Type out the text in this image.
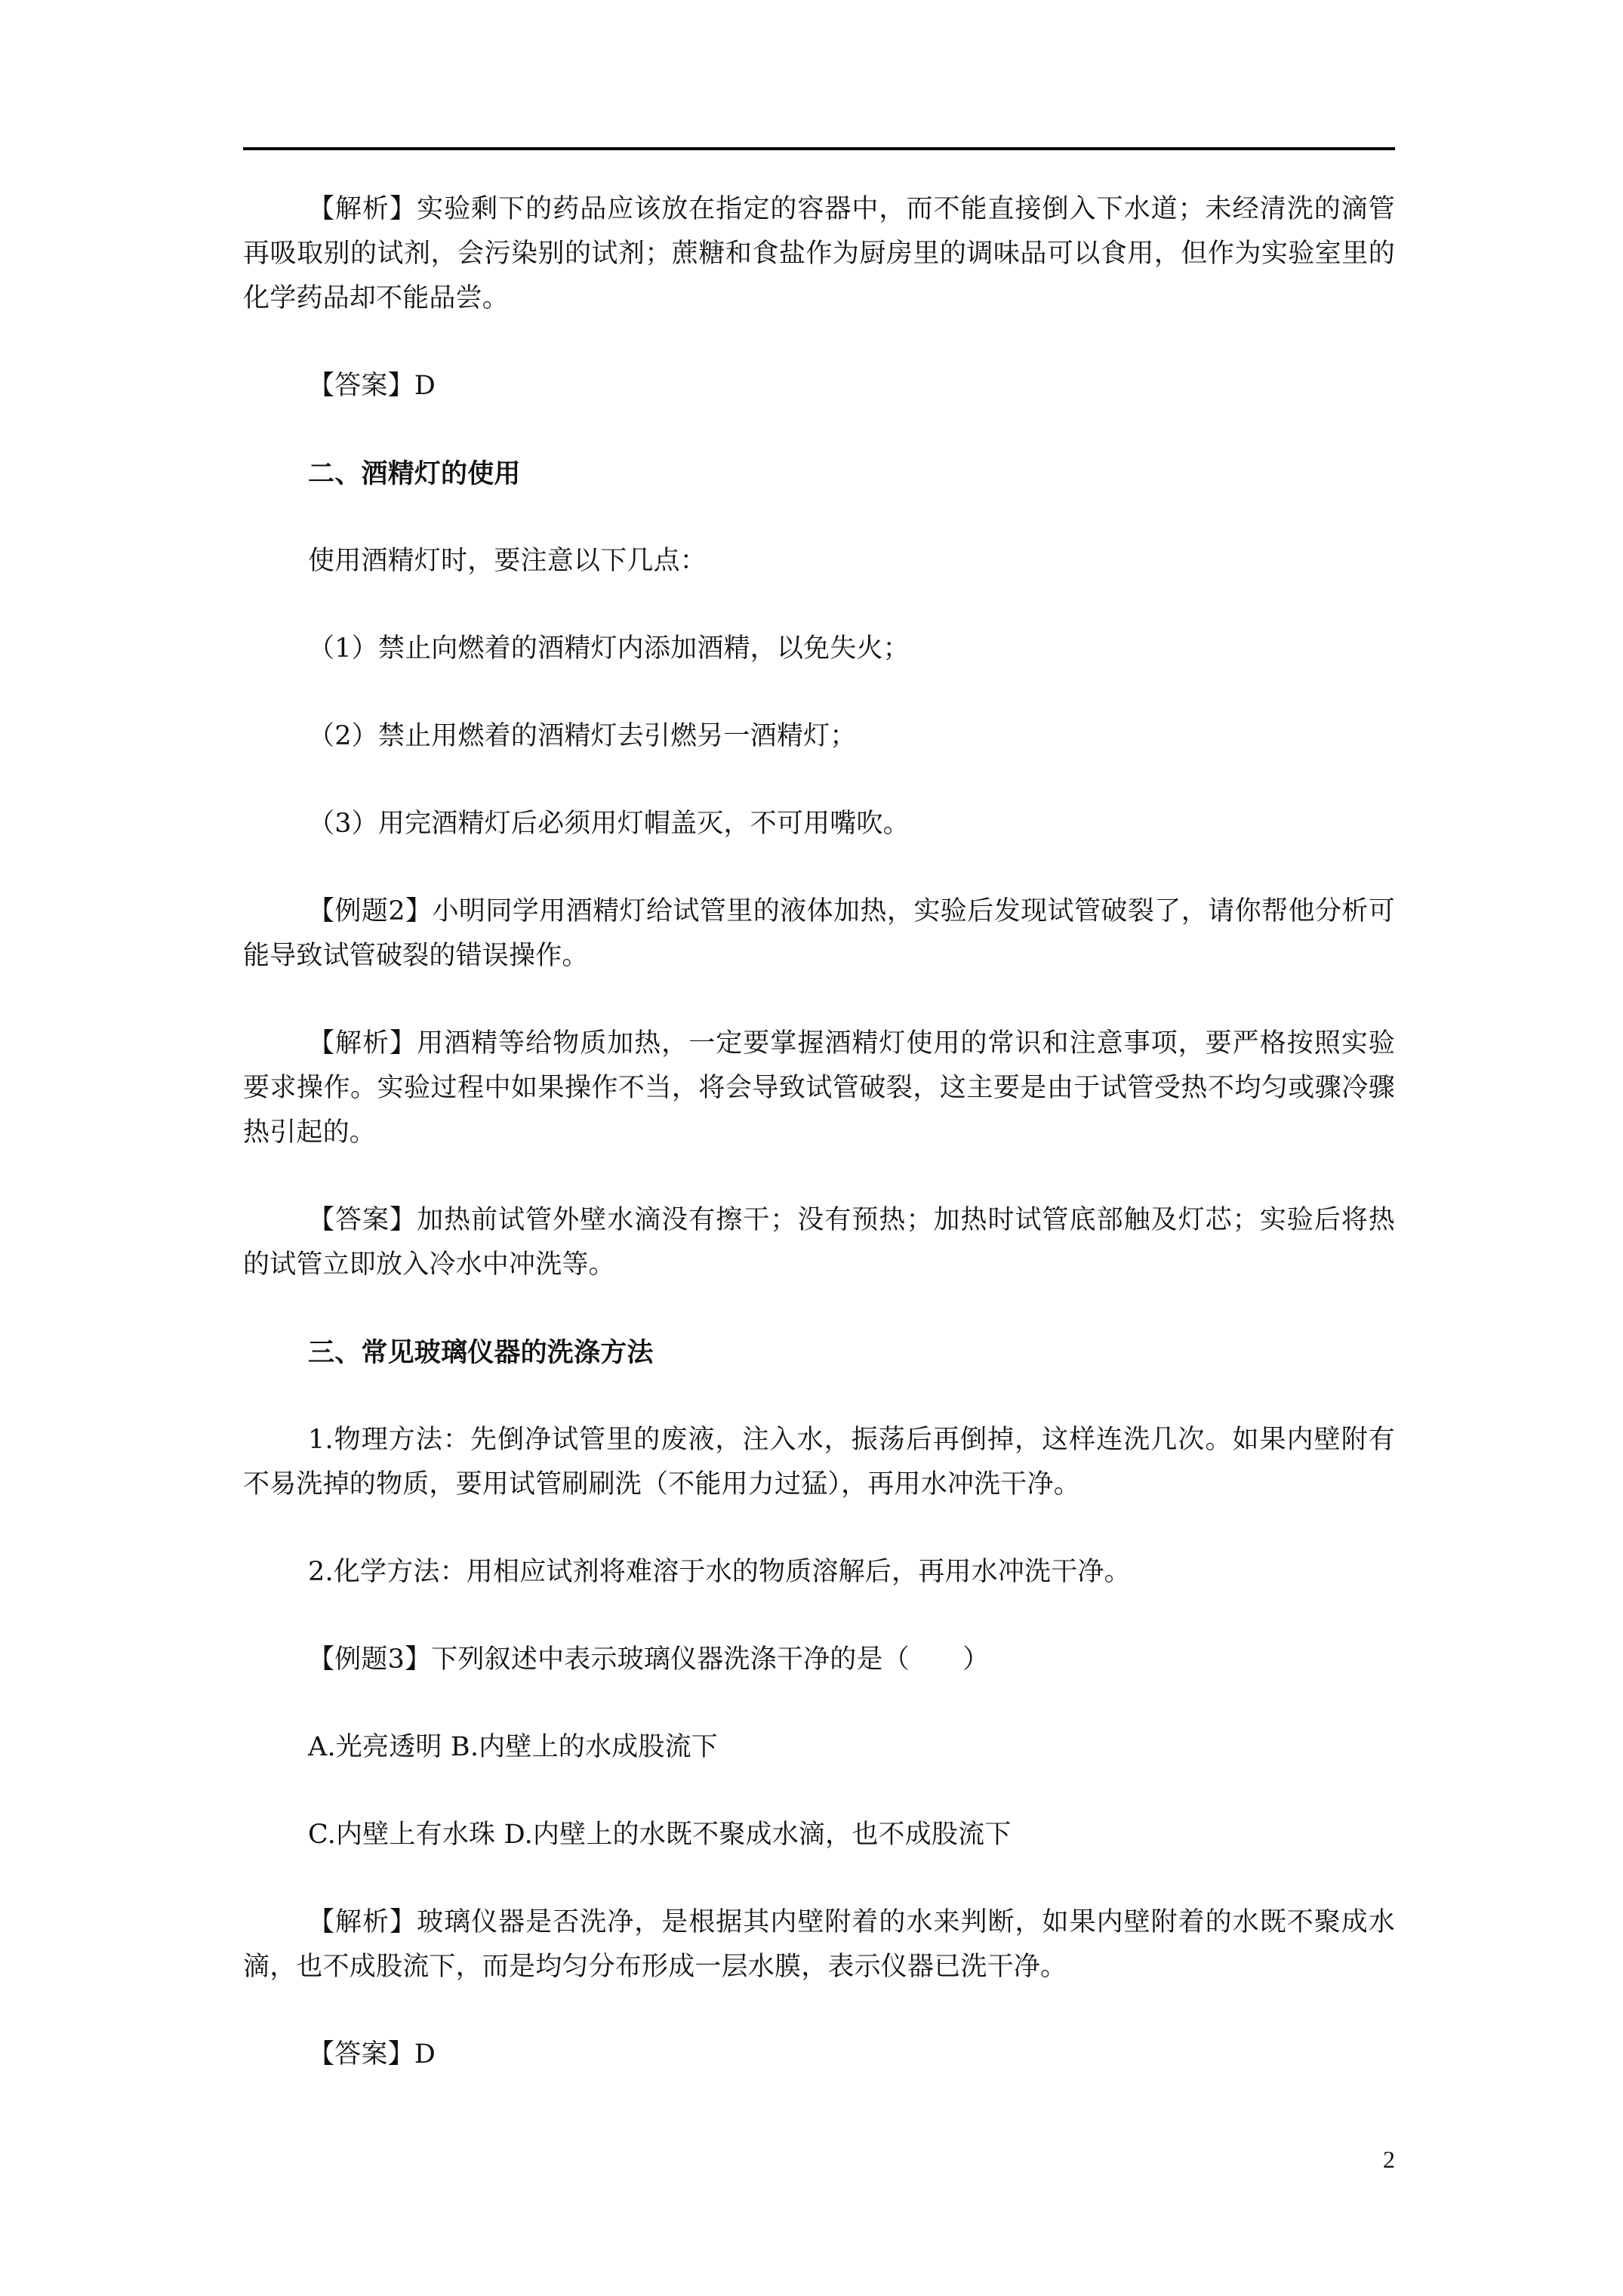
【解析】实验剩下的药品应该放在指定的容器中，而不能直接倒入下水道；未经清洗的滴管再吸取别的试剂，会污染别的试剂；蔗糖和食盐作为厨房里的调味品可以食用，但作为实验室里的化学药品却不能品尝。

【答案】D

二、酒精灯的使用

使用酒精灯时，要注意以下几点：

（1）禁止向燃着的酒精灯内添加酒精，以免失火；

（2）禁止用燃着的酒精灯去引燃另一酒精灯；

（3）用完酒精灯后必须用灯帽盖灭，不可用嘴吹。

【例题2】小明同学用酒精灯给试管里的液体加热，实验后发现试管破裂了，请你帮他分析可能导致试管破裂的错误操作。

【解析】用酒精等给物质加热，一定要掌握酒精灯使用的常识和注意事项，要严格按照实验要求操作。实验过程中如果操作不当，将会导致试管破裂，这主要是由于试管受热不均匀或骤冷骤热引起的。

【答案】加热前试管外壁水滴没有擦干；没有预热；加热时试管底部触及灯芯；实验后将热的试管立即放入冷水中冲洗等。

三、常见玻璃仪器的洗涤方法

1.物理方法：先倒净试管里的废液，注入水，振荡后再倒掉，这样连洗几次。如果内壁附有不易洗掉的物质，要用试管刷刷洗（不能用力过猛），再用水冲洗干净。

2.化学方法：用相应试剂将难溶于水的物质溶解后，再用水冲洗干净。

【例题3】下列叙述中表示玻璃仪器洗涤干净的是（　　）

A.光亮透明 B.内壁上的水成股流下

C.内壁上有水珠 D.内壁上的水既不聚成水滴，也不成股流下

【解析】玻璃仪器是否洗净，是根据其内壁附着的水来判断，如果内壁附着的水既不聚成水滴，也不成股流下，而是均匀分布形成一层水膜，表示仪器已洗干净。

【答案】D

2
